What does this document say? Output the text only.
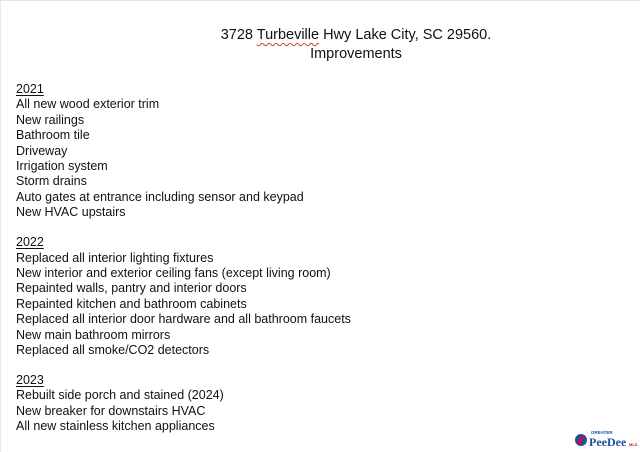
3728 Turbeville Hwy Lake City, SC 29560.
Improvements
2021
All new wood exterior trim
New railings
Bathroom tile
Driveway
Irrigation system
Storm drains
Auto gates at entrance including sensor and keypad
New HVAC upstairs
2022
Replaced all interior lighting fixtures
New interior and exterior ceiling fans (except living room)
Repainted walls, pantry and interior doors
Repainted kitchen and bathroom cabinets
Replaced all interior door hardware and all bathroom faucets
New main bathroom mirrors
Replaced all smoke/CO2 detectors
2023
Rebuilt side porch and stained (2024)
New breaker for downstairs HVAC
All new stainless kitchen appliances	GREATER
PeeDee MLS
